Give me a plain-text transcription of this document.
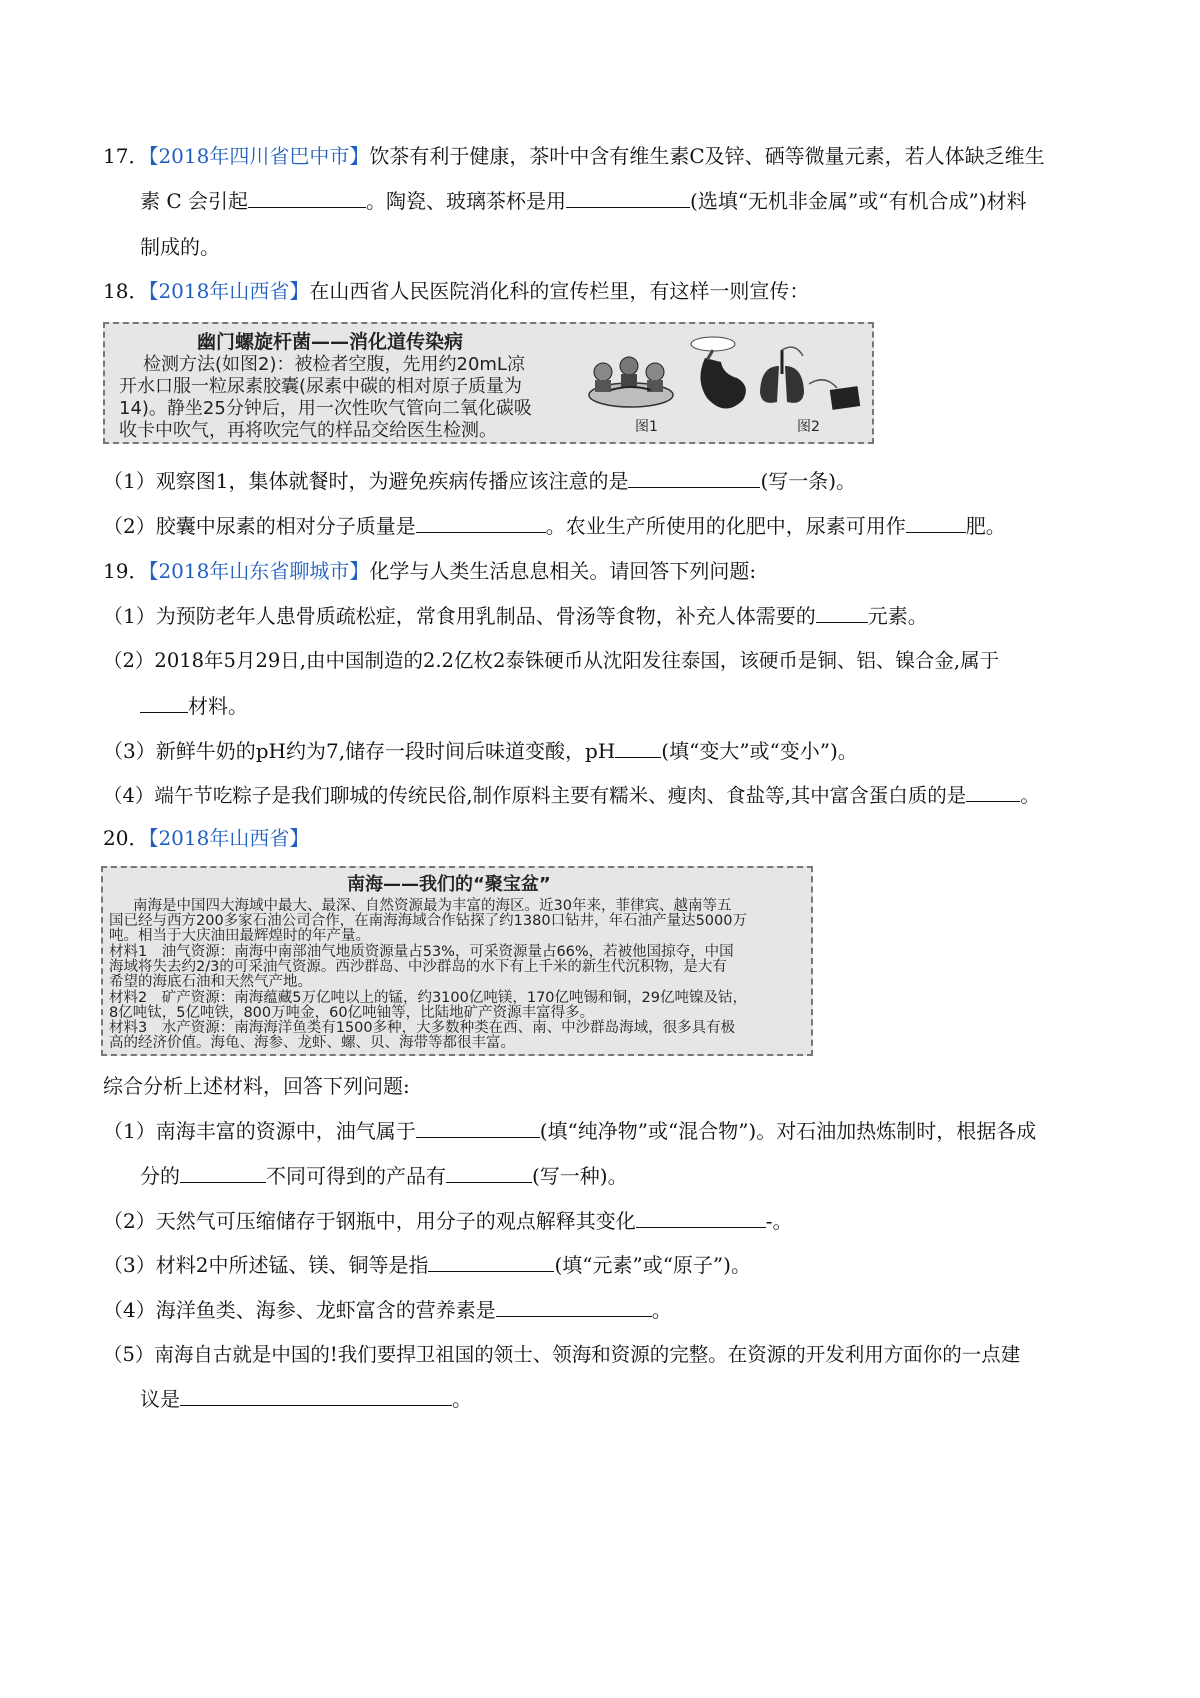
17．【2018年四川省巴中市】饮茶有利于健康，茶叶中含有维生素C及锌、硒等微量元素，若人体缺乏维生
素 C 会引起	。陶瓷、玻璃茶杯是用	(选填“无机非金属”或“有机合成”)材料
制成的。
18．【2018年山西省】在山西省人民医院消化科的宣传栏里，有这样一则宣传：
幽门螺旋杆菌——消化道传染病
检测方法(如图2)：被检者空腹，先用约20mL凉
开水口服一粒尿素胶囊(尿素中碳的相对原子质量为
14)。静坐25分钟后，用一次性吹气管向二氧化碳吸
收卡中吹气，再将吹完气的样品交给医生检测。	图1	图2
（1）观察图1，集体就餐时，为避免疾病传播应该注意的是	(写一条)。
（2）胶囊中尿素的相对分子质量是	。农业生产所使用的化肥中，尿素可用作	肥。
19．【2018年山东省聊城市】化学与人类生活息息相关。请回答下列问题:
（1）为预防老年人患骨质疏松症，常食用乳制品、骨汤等食物，补充人体需要的	元素。
（2）2018年5月29日,由中国制造的2.2亿枚2泰铢硬币从沈阳发往泰国，该硬币是铜、铝、镍合金,属于
材料。
（3）新鲜牛奶的pH约为7,储存一段时间后味道变酸，pH (填“变大”或“变小”)。
（4）端午节吃粽子是我们聊城的传统民俗,制作原料主要有糯米、瘦肉、食盐等,其中富含蛋白质的是	。
20．【2018年山西省】
南海——我们的“聚宝盆”
南海是中国四大海域中最大、最深、自然资源最为丰富的海区。近30年来，菲律宾、越南等五
国已经与西方200多家石油公司合作，在南海海域合作钻探了约1380口钻井，年石油产量达5000万
吨。相当于大庆油田最辉煌时的年产量。
材料1　油气资源：南海中南部油气地质资源量占53%，可采资源量占66%，若被他国掠夺，中国
海域将失去约2/3的可采油气资源。西沙群岛、中沙群岛的水下有上千米的新生代沉积物，是大有
希望的海底石油和天然气产地。
材料2　矿产资源：南海蕴藏5万亿吨以上的锰，约3100亿吨镁，170亿吨锡和铜，29亿吨镍及钴，
8亿吨钛，5亿吨铁，800万吨金，60亿吨铀等，比陆地矿产资源丰富得多。
材料3　水产资源：南海海洋鱼类有1500多种，大多数种类在西、南、中沙群岛海域，很多具有极
高的经济价值。海龟、海参、龙虾、螺、贝、海带等都很丰富。
综合分析上述材料，回答下列问题:
（1）南海丰富的资源中，油气属于	(填“纯净物”或“混合物”)。对石油加热炼制时，根据各成
分的	不同可得到的产品有	(写一种)。
（2）天然气可压缩储存于钢瓶中，用分子的观点解释其变化	-。
（3）材料2中所述锰、镁、铜等是指	(填“元素”或“原子”)。
（4）海洋鱼类、海参、龙虾富含的营养素是	。
（5）南海自古就是中国的!我们要捍卫祖国的领士、领海和资源的完整。在资源的开发利用方面你的一点建
议是	。
